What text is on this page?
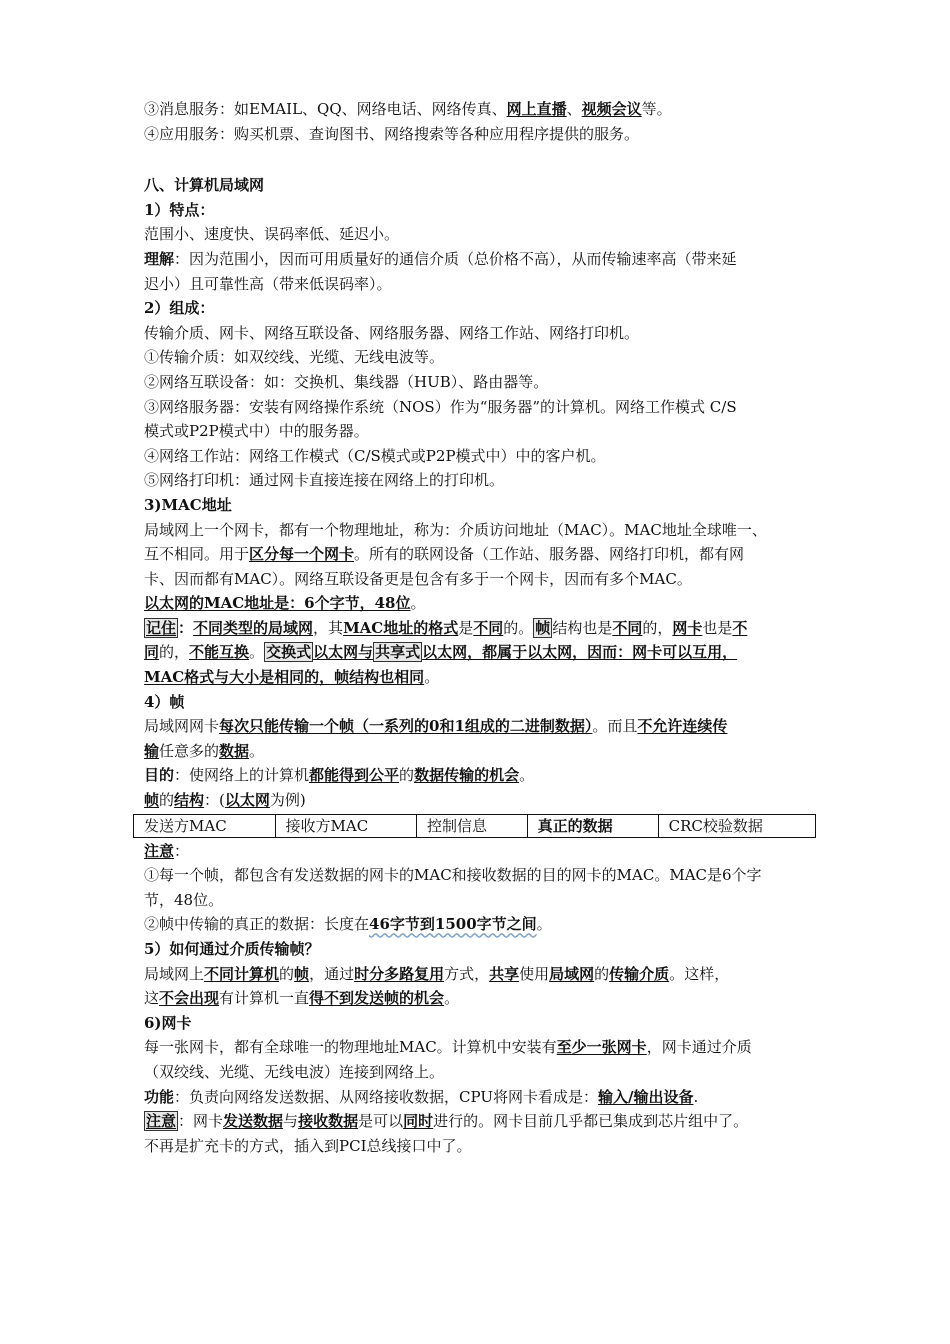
③消息服务：如EMAIL、QQ、网络电话、网络传真、网上直播、视频会议等。
④应用服务：购买机票、查询图书、网络搜索等各种应用程序提供的服务。
八、计算机局域网
1）特点：
范围小、速度快、误码率低、延迟小。
理解：因为范围小，因而可用质量好的通信介质（总价格不高），从而传输速率高（带来延
迟小）且可靠性高（带来低误码率）。
2）组成：
传输介质、网卡、网络互联设备、网络服务器、网络工作站、网络打印机。
①传输介质：如双绞线、光缆、无线电波等。
②网络互联设备：如：交换机、集线器（HUB）、路由器等。
③网络服务器：安装有网络操作系统（NOS）作为“服务器”的计算机。网络工作模式 C/S
模式或P2P模式中）中的服务器。
④网络工作站：网络工作模式（C/S模式或P2P模式中）中的客户机。
⑤网络打印机：通过网卡直接连接在网络上的打印机。
3)MAC地址
局域网上一个网卡，都有一个物理地址，称为：介质访问地址（MAC）。MAC地址全球唯一、
互不相同。用于区分每一个网卡。所有的联网设备（工作站、服务器、网络打印机，都有网
卡、因而都有MAC）。网络互联设备更是包含有多于一个网卡，因而有多个MAC。
以太网的MAC地址是：6个字节，48位。
记住 ：不同类型的局域网，其MAC地址的格式是不同的。 帧 结构也是不同的，网卡也是不
同的，不能互换。 交换式 以太网与 共享式 以太网，都属于以太网，因而：网卡可以互用，
MAC格式与大小是相同的，帧结构也相同。
4）帧
局域网网卡每次只能传输一个帧（一系列的0和1组成的二进制数据）。而且不允许连续传
输任意多的数据。
目的：使网络上的计算机都能得到公平的数据传输的机会。
帧的结构：(以太网为例)
发送方MAC	接收方MAC	控制信息	真正的数据	CRC校验数据
注意：
①每一个帧，都包含有发送数据的网卡的MAC和接收数据的目的网卡的MAC。MAC是6个字
节，48位。
②帧中传输的真正的数据：长度在46字节到1500字节之间。
5）如何通过介质传输帧？
局域网上不同计算机的帧，通过时分多路复用方式，共享使用局域网的传输介质。这样，
这不会出现有计算机一直得不到发送帧的机会。
6)网卡
每一张网卡，都有全球唯一的物理地址MAC。计算机中安装有至少一张网卡，网卡通过介质
（双绞线、光缆、无线电波）连接到网络上。
功能：负责向网络发送数据、从网络接收数据，CPU将网卡看成是：输入/输出设备.
注意 ：网卡发送数据与接收数据是可以同时进行的。网卡目前几乎都已集成到芯片组中了。
不再是扩充卡的方式，插入到PCI总线接口中了。
